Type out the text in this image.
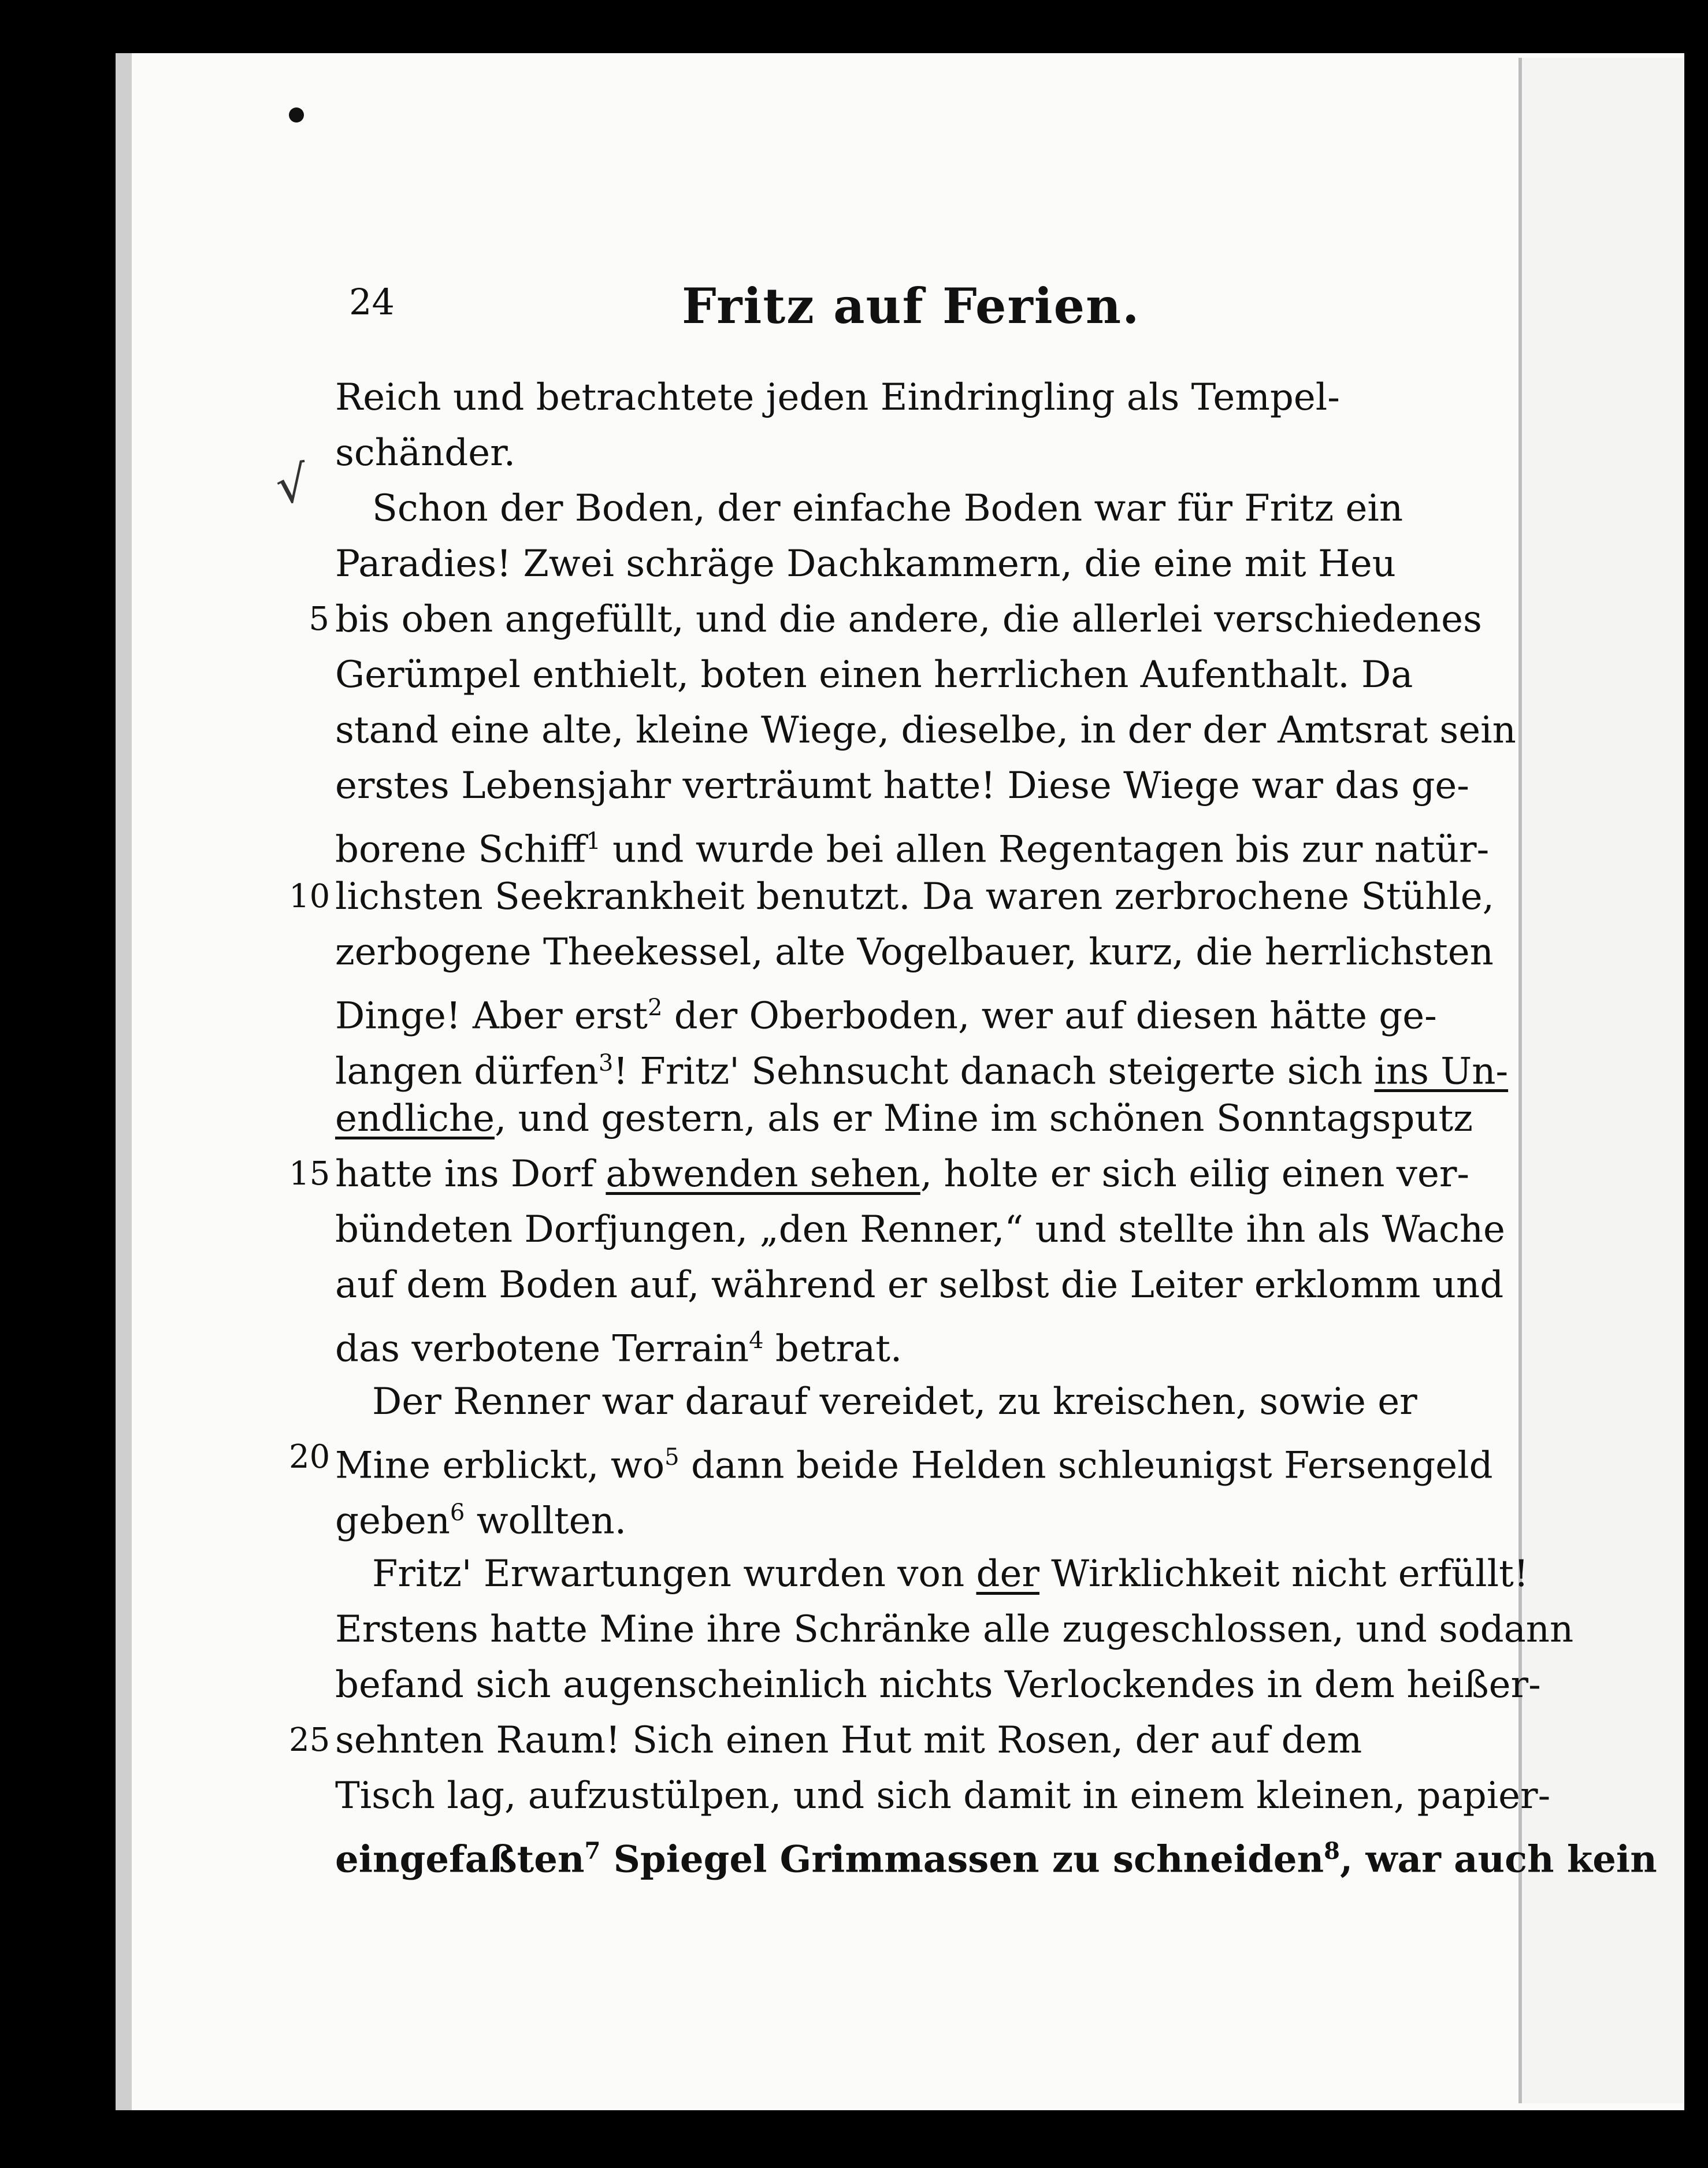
√
24	Fritz auf Ferien.
Reich und betrachtete jeden Eindringling als Tempel-
schänder.
Schon der Boden, der einfache Boden war für Fritz ein
Paradies! Zwei schräge Dachkammern, die eine mit Heu
bis oben angefüllt, und die andere, die allerlei verschiedenes
Gerümpel enthielt, boten einen herrlichen Aufenthalt. Da
stand eine alte, kleine Wiege, dieselbe, in der der Amtsrat sein
erstes Lebensjahr verträumt hatte! Diese Wiege war das ge-
borene Schiff$^1$ und wurde bei allen Regentagen bis zur natür-
lichsten Seekrankheit benutzt. Da waren zerbrochene Stühle,
zerbogene Theekessel, alte Vogelbauer, kurz, die herrlichsten
Dinge! Aber erst$^2$ der Oberboden, wer auf diesen hätte ge-
langen dürfen$^3$! Fritz' Sehnsucht danach steigerte sich ins Un-
endliche, und gestern, als er Mine im schönen Sonntagsputz
hatte ins Dorf abwenden sehen, holte er sich eilig einen ver-
bündeten Dorfjungen, „den Renner,“ und stellte ihn als Wache
auf dem Boden auf, während er selbst die Leiter erklomm und
das verbotene Terrain$^4$ betrat.
Der Renner war darauf vereidet, zu kreischen, sowie er
Mine erblickt, $wo^5$ dann beide Helden schleunigst Fersengeld
geben$^6$ wollten.
Fritz' Erwartungen wurden von der Wirklichkeit nicht erfüllt!
Erstens hatte Mine ihre Schränke alle zugeschlossen, und sodann
befand sich augenscheinlich nichts Verlockendes in dem heißer-
sehnten Raum! Sich einen Hut mit Rosen, der auf dem
Tisch lag, aufzustülpen, und sich damit in einem kleinen, papier-
eingefaßten$^7$ Spiegel Grimmassen zu schneiden$^8$, war auch kein
5
10
15
20
25
